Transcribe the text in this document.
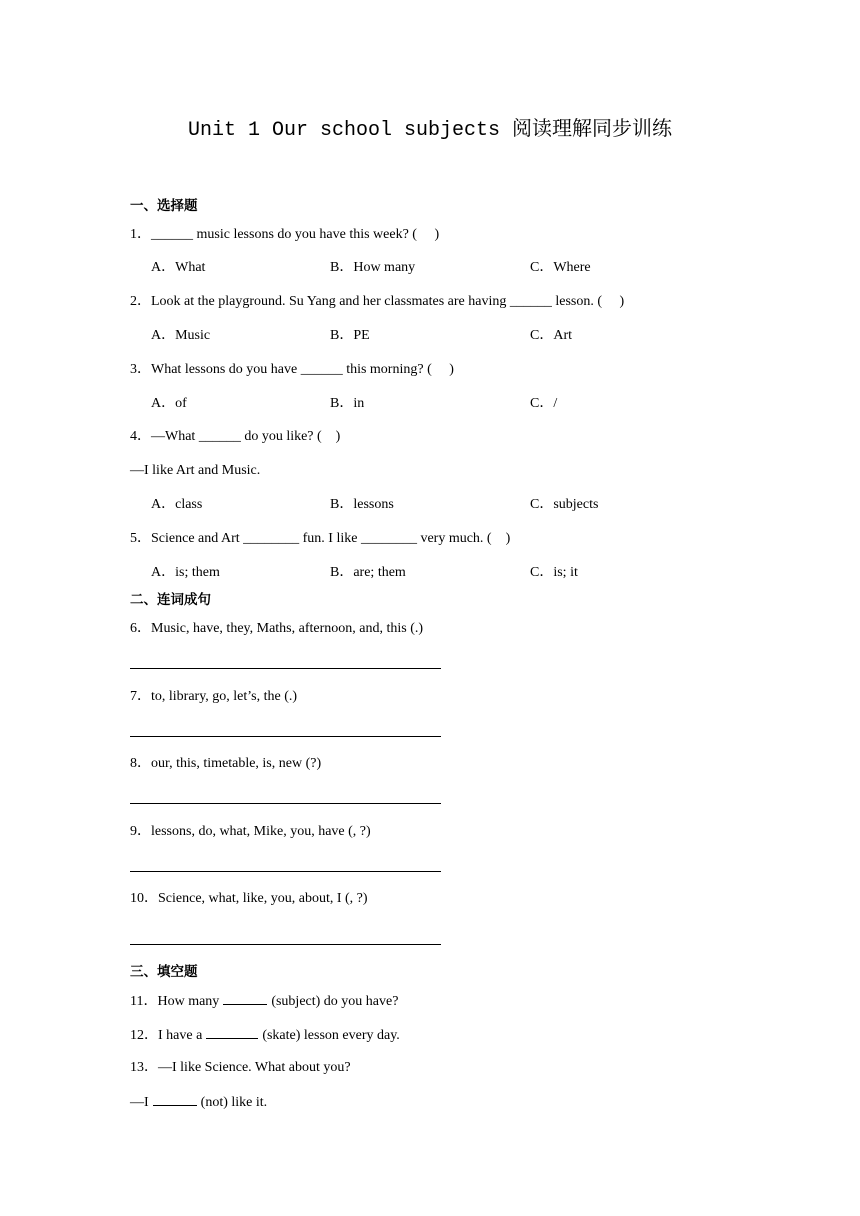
Unit 1 Our school subjects 阅读理解同步训练
一、选择题
1．______ music lessons do you have this week? (　 )
A．What	B．How many	C．Where
2．Look at the playground. Su Yang and her classmates are having ______ lesson. (　 )
A．Music	B．PE	C．Art
3．What lessons do you have ______ this morning? (　 )
A．of	B．in	C．/
4．—What ______ do you like? (　)
—I like Art and Music.
A．class	B．lessons	C．subjects
5．Science and Art ________ fun. I like ________ very much. (　)
A．is; them	B．are; them	C．is; it
二、连词成句
6．Music, have, they, Maths, afternoon, and, this (.)
7．to, library, go, let’s, the (.)
8．our, this, timetable, is, new (?)
9．lessons, do, what, Mike, you, have (, ?)
10．Science, what, like, you, about, I (, ?)
三、填空题
11．How many	(subject) do you have?
12．I have a	(skate) lesson every day.
13．—I like Science. What about you?
—I	(not) like it.
